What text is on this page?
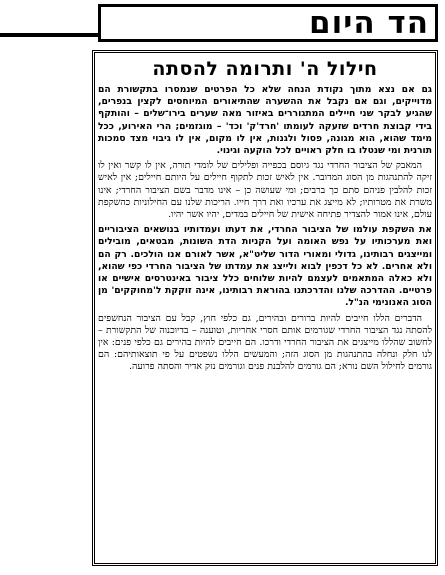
הד היום
חילול ה' ותרומה להסתה

גם אם נצא מתוך נקודת הנחה שלא כל הפרטים שנמסרו בתקשורת הם מדוייקים, וגם אם נקבל את ההשערה שהתיאורים המיוחסים לקצין בנפרים, שהגיע לבקר שני חיילים המתגוררים באיזור מאה שערים בירו־שלים – והותקף בידי קבוצת חרדים שזעקה לעומתו 'חרד'ק' וכד' – מוגזמים; הרי האירוע, ככל מימד שהוא, הוא מגונה, פסול ולגנות, אין לו מקום, אין לו גיבוי מצד סמכות תורנית ומי שנטלו בו חלק ראויים לכל הוקעה וגינוי.

המאבק של הציבור החרדי נגד גיוסם בכפייה ופלילים של לומדי תורה, אין לו קשר ואין לו זיקה להתנהגות מן הסוג המדובר. אין לאיש זכות לתקוף חיילים על היותם חיילים; אין לאיש זכות להלבין פניהם סתם כך ברבים; ומי שעושה כן – אינו מדבר בשם הציבור החרדי; אינו משרת את מטרותיו; לא מייצג את ערכיו ואת דרך חייו. הריכות שלנו עם החילוניות כהשקפת עולם, אינו אמור להצדיר פתיחה אישית של חיילים במדים, יהיו אשר יהיו.

את השקפת עולמו של הציבור החרדי, את דעתו ועמדותיו בנושאים הציבוריים ואת מערכותיו על נפש האומה ועל הקניות הדת השונות, מבטאים, מובילים ומייצגים רבותינו, גדולי ומאורי הדור שליט"א, אשר לאורם אנו הולכים. רק הם ולא אחרים. לא כל דכפין לבוא ולייצג את עמדתו של הציבור החרדי כפי שהוא, ולא כאלה המתאמים לעצמם להיות שלוחים כלל ציבור באינטרסים אישיים או פרטיים. ההדרכה שלנו והדרכתנו בהוראת רבותינו, אינה זוקקת ל'מחוקקים' מן הסוג האנונימי הנ"ל.

הדברים הללו חייבים להיות ברורים ובהירים, גם כלפי חוץ, קבל עם הציבור הנחשפים להסתה נגד הציבור החרדי שגורמים אותם חסרי אחריות, וטוענה – בדיוכנוה של התקשורת – לחשוב שהללו מייצגים את הציבור החרדי ודרכו. הם חייבים להיות בהירים גם כלפי פנים: אין לנו חלק ונחלה בהתנהגות מן הסוג הזה; והמעשים הללו נשפטים על פי תוצאותיהם: הם גורמים לחילול השם נורא; הם גורמים להלבנת פנים וגורמים נזק אדיר והסתה פרועה.
